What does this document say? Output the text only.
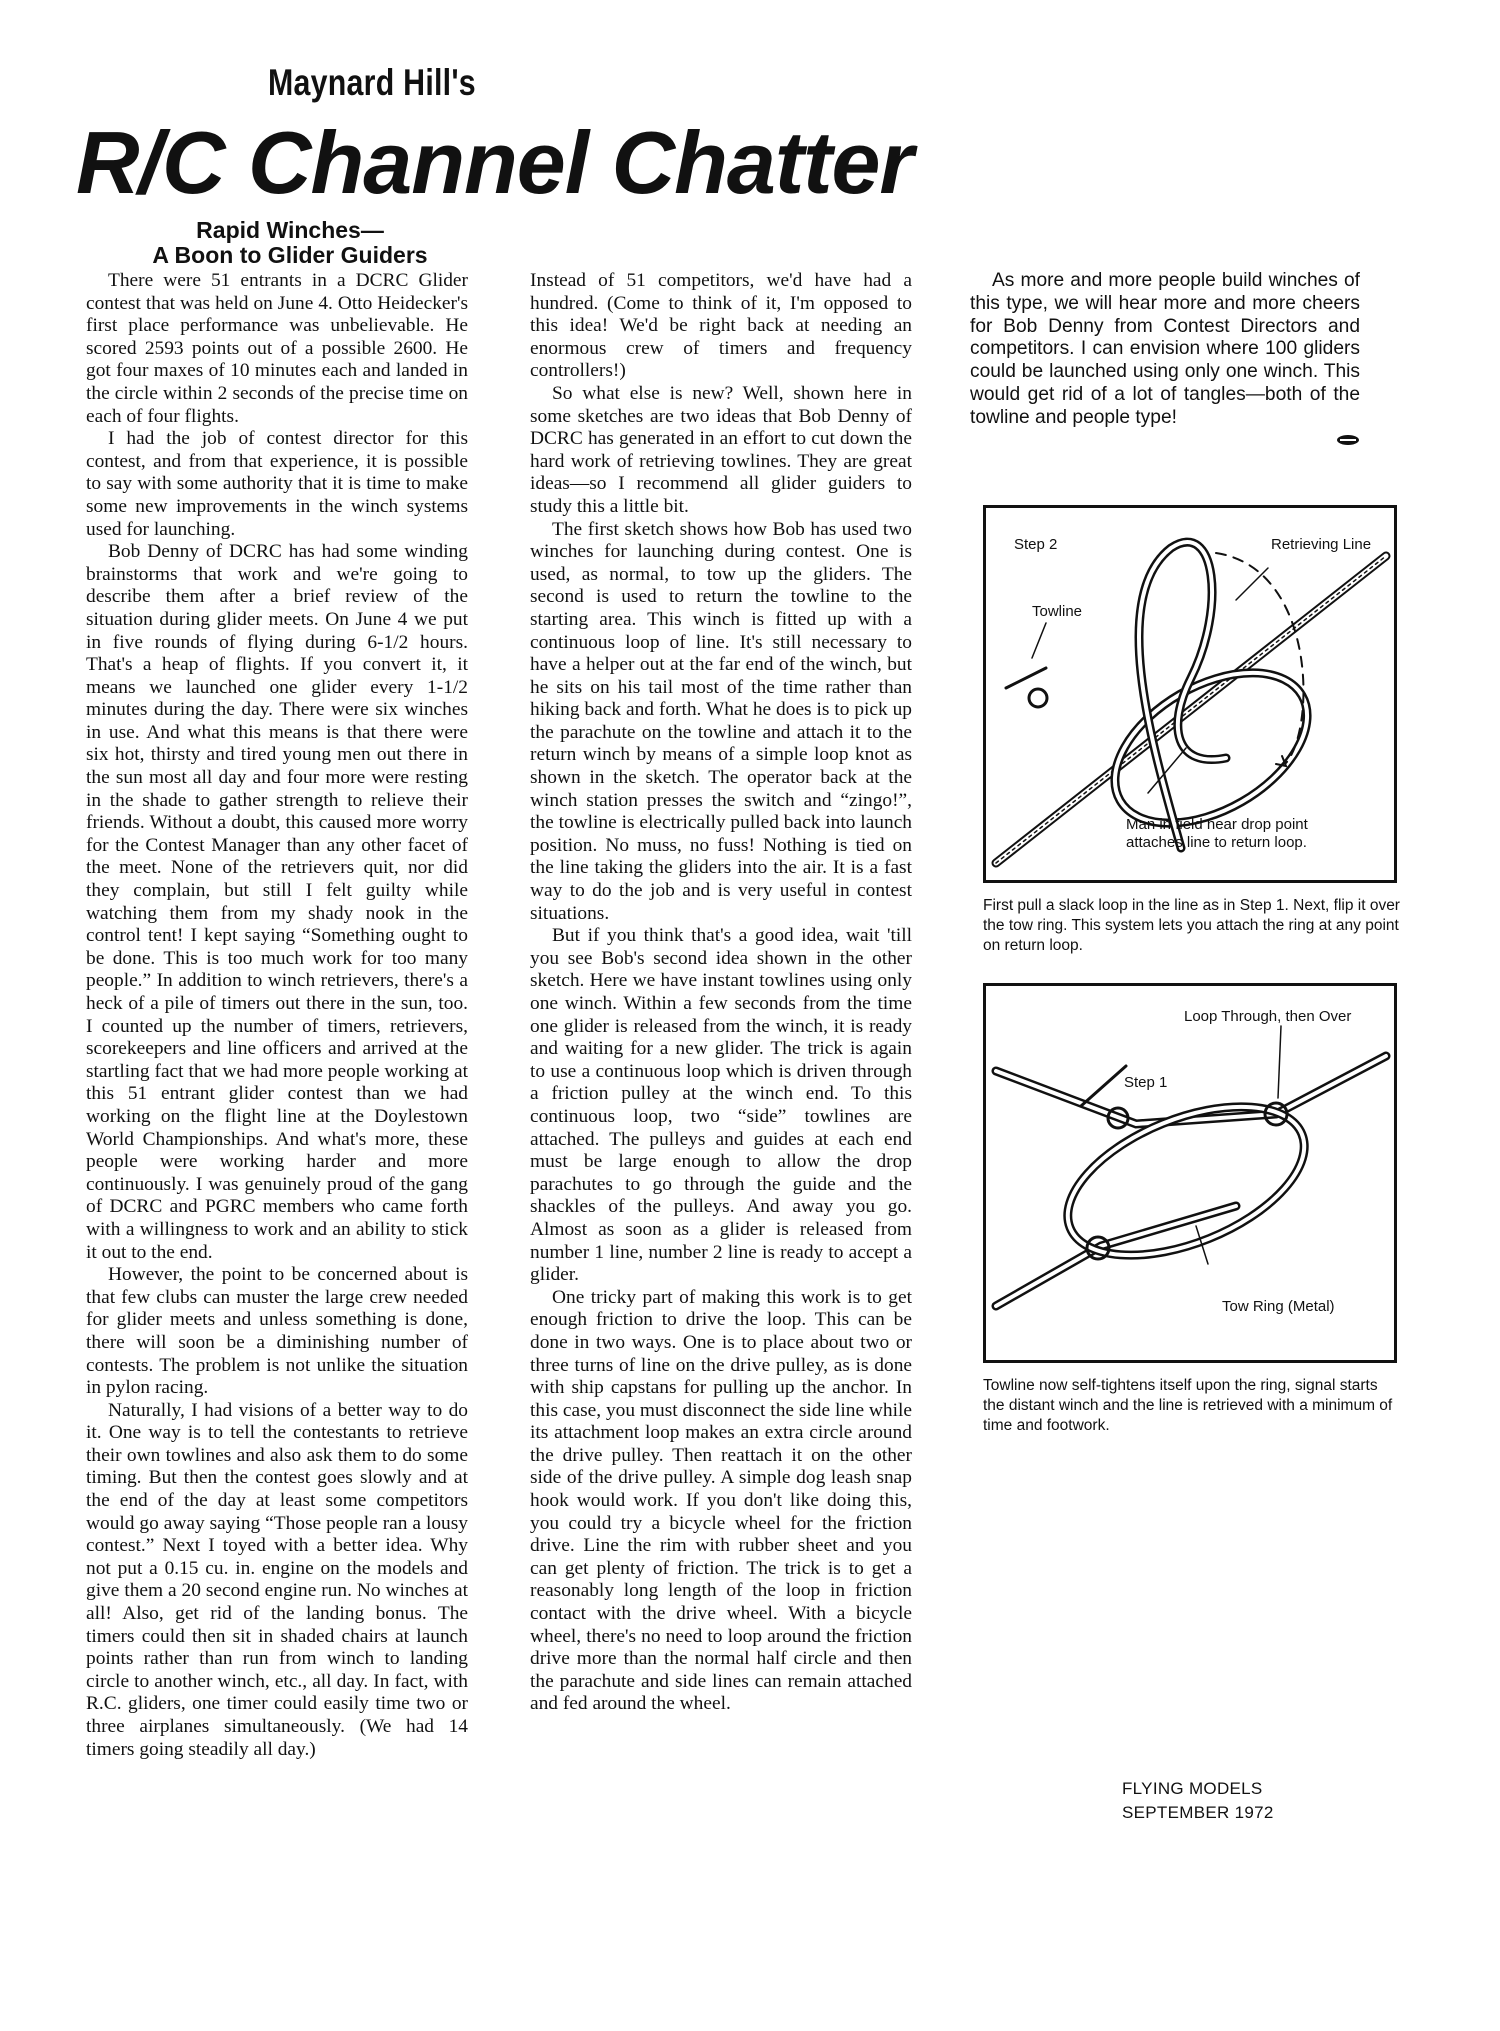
Maynard Hill's
R/C Channel Chatter
Rapid Winches—
A Boon to Glider Guiders

There were 51 entrants in a DCRC Glider contest that was held on June 4. Otto Heidecker's first place performance was unbelievable. He scored 2593 points out of a possible 2600. He got four maxes of 10 minutes each and landed in the circle within 2 seconds of the precise time on each of four flights.

I had the job of contest director for this contest, and from that experience, it is possible to say with some authority that it is time to make some new improvements in the winch systems used for launching.

Bob Denny of DCRC has had some winding brainstorms that work and we're going to describe them after a brief review of the situation during glider meets. On June 4 we put in five rounds of flying during 6-1/2 hours. That's a heap of flights. If you convert it, it means we launched one glider every 1-1/2 minutes during the day. There were six winches in use. And what this means is that there were six hot, thirsty and tired young men out there in the sun most all day and four more were resting in the shade to gather strength to relieve their friends. Without a doubt, this caused more worry for the Contest Manager than any other facet of the meet. None of the retrievers quit, nor did they complain, but still I felt guilty while watching them from my shady nook in the control tent! I kept saying “Something ought to be done. This is too much work for too many people.” In addition to winch retrievers, there's a heck of a pile of timers out there in the sun, too. I counted up the number of timers, retrievers, scorekeepers and line officers and arrived at the startling fact that we had more people working at this 51 entrant glider contest than we had working on the flight line at the Doylestown World Championships. And what's more, these people were working harder and more continuously. I was genuinely proud of the gang of DCRC and PGRC members who came forth with a willingness to work and an ability to stick it out to the end.

However, the point to be concerned about is that few clubs can muster the large crew needed for glider meets and unless something is done, there will soon be a diminishing number of contests. The problem is not unlike the situation in pylon racing.

Naturally, I had visions of a better way to do it. One way is to tell the contestants to retrieve their own towlines and also ask them to do some timing. But then the contest goes slowly and at the end of the day at least some competitors would go away saying “Those people ran a lousy contest.” Next I toyed with a better idea. Why not put a 0.15 cu. in. engine on the models and give them a 20 second engine run. No winches at all! Also, get rid of the landing bonus. The timers could then sit in shaded chairs at launch points rather than run from winch to landing circle to another winch, etc., all day. In fact, with R.C. gliders, one timer could easily time two or three airplanes simultaneously. (We had 14 timers going steadily all day.)

Instead of 51 competitors, we'd have had a hundred. (Come to think of it, I'm opposed to this idea! We'd be right back at needing an enormous crew of timers and frequency controllers!)

So what else is new? Well, shown here in some sketches are two ideas that Bob Denny of DCRC has generated in an effort to cut down the hard work of retrieving towlines. They are great ideas—so I recommend all glider guiders to study this a little bit.

The first sketch shows how Bob has used two winches for launching during contest. One is used, as normal, to tow up the gliders. The second is used to return the towline to the starting area. This winch is fitted up with a continuous loop of line. It's still necessary to have a helper out at the far end of the winch, but he sits on his tail most of the time rather than hiking back and forth. What he does is to pick up the parachute on the towline and attach it to the return winch by means of a simple loop knot as shown in the sketch. The operator back at the winch station presses the switch and “zingo!”, the towline is electrically pulled back into launch position. No muss, no fuss! Nothing is tied on the line taking the gliders into the air. It is a fast way to do the job and is very useful in contest situations.

But if you think that's a good idea, wait 'till you see Bob's second idea shown in the other sketch. Here we have instant towlines using only one winch. Within a few seconds from the time one glider is released from the winch, it is ready and waiting for a new glider. The trick is again to use a continuous loop which is driven through a friction pulley at the winch end. To this continuous loop, two “side” towlines are attached. The pulleys and guides at each end must be large enough to allow the drop parachutes to go through the guide and the shackles of the pulleys. And away you go. Almost as soon as a glider is released from number 1 line, number 2 line is ready to accept a glider.

One tricky part of making this work is to get enough friction to drive the loop. This can be done in two ways. One is to place about two or three turns of line on the drive pulley, as is done with ship capstans for pulling up the anchor. In this case, you must disconnect the side line while its attachment loop makes an extra circle around the drive pulley. Then reattach it on the other side of the drive pulley. A simple dog leash snap hook would work. If you don't like doing this, you could try a bicycle wheel for the friction drive. Line the rim with rubber sheet and you can get plenty of friction. The trick is to get a reasonably long length of the loop in friction contact with the drive wheel. With a bicycle wheel, there's no need to loop around the friction drive more than the normal half circle and then the parachute and side lines can remain attached and fed around the wheel.

As more and more people build winches of this type, we will hear more and more cheers for Bob Denny from Contest Directors and competitors. I can envision where 100 gliders could be launched using only one winch. This would get rid of a lot of tangles—both of the towline and people type!

Step 2	Retrieving Line
Towline
Man in field near drop point
attaches line to return loop.
First pull a slack loop in the line as in Step 1. Next, flip it over the tow ring. This system lets you attach the ring at any point on return loop.
Loop Through, then Over
Step 1
Tow Ring (Metal)
Towline now self-tightens itself upon the ring, signal starts the distant winch and the line is retrieved with a minimum of time and footwork.
FLYING MODELS
SEPTEMBER 1972
